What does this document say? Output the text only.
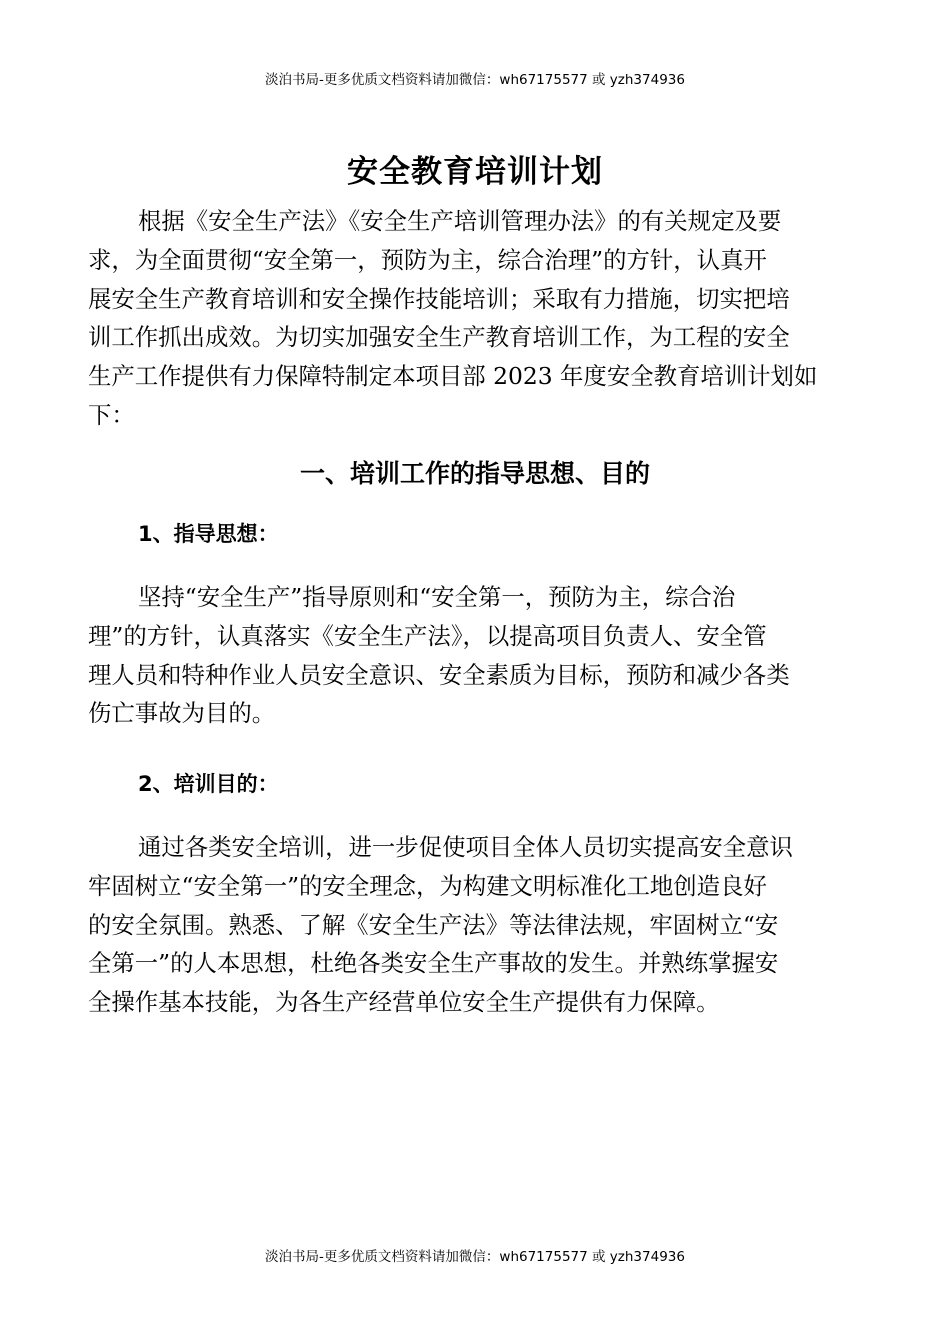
淡泊书局-更多优质文档资料请加微信：wh67175577 或 yzh374936
安全教育培训计划
根据《安全生产法》《安全生产培训管理办法》的有关规定及要
求，为全面贯彻“安全第一，预防为主，综合治理”的方针，认真开
展安全生产教育培训和安全操作技能培训；采取有力措施，切实把培
训工作抓出成效。为切实加强安全生产教育培训工作，为工程的安全
生产工作提供有力保障特制定本项目部 2023 年度安全教育培训计划如
下：
一、培训工作的指导思想、目的
1、指导思想：
坚持“安全生产”指导原则和“安全第一，预防为主，综合治
理”的方针，认真落实《安全生产法》，以提高项目负责人、安全管
理人员和特种作业人员安全意识、安全素质为目标，预防和减少各类
伤亡事故为目的。
2、培训目的：
通过各类安全培训，进一步促使项目全体人员切实提高安全意识
牢固树立“安全第一”的安全理念，为构建文明标准化工地创造良好
的安全氛围。熟悉、了解《安全生产法》等法律法规，牢固树立“安
全第一”的人本思想，杜绝各类安全生产事故的发生。并熟练掌握安
全操作基本技能，为各生产经营单位安全生产提供有力保障。
淡泊书局-更多优质文档资料请加微信：wh67175577 或 yzh374936
